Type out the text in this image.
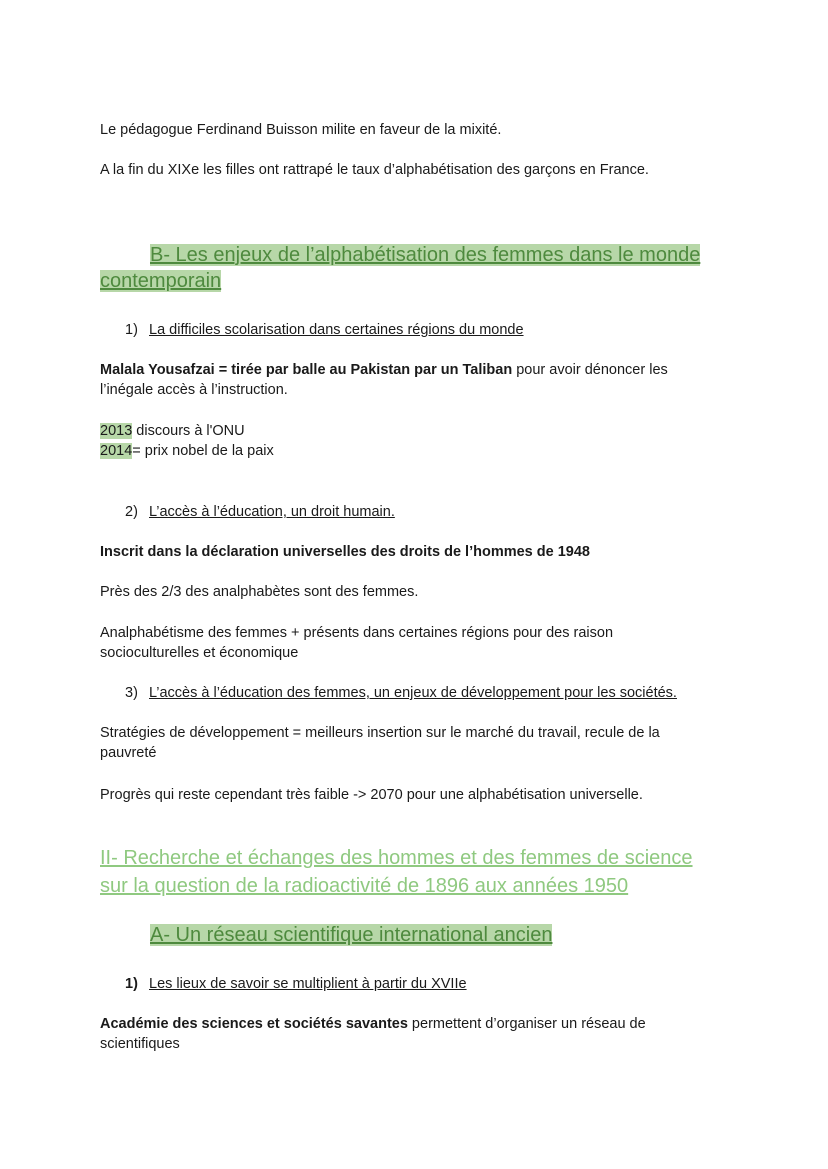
Le pédagogue Ferdinand Buisson milite en faveur de la mixité.
A la fin du XIXe les filles ont rattrapé le taux d’alphabétisation des garçons en France.
B- Les enjeux de l’alphabétisation des femmes dans le monde
contemporain
1) La difficiles scolarisation dans certaines régions du monde
Malala Yousafzai = tirée par balle au Pakistan par un Taliban pour avoir dénoncer les
l’inégale accès à l’instruction.
2013 discours à l'ONU
2014= prix nobel de la paix
2) L’accès à l’éducation, un droit humain.
Inscrit dans la déclaration universelles des droits de l’hommes de 1948
Près des 2/3 des analphabètes sont des femmes.
Analphabétisme des femmes + présents dans certaines régions pour des raison
socioculturelles et économique
3) L’accès à l’éducation des femmes, un enjeux de développement pour les sociétés.
Stratégies de développement = meilleurs insertion sur le marché du travail, recule de la
pauvreté
Progrès qui reste cependant très faible -> 2070 pour une alphabétisation universelle.
II- Recherche et échanges des hommes et des femmes de science
sur la question de la radioactivité de 1896 aux années 1950
A- Un réseau scientifique international ancien
1) Les lieux de savoir se multiplient à partir du XVIIe
Académie des sciences et sociétés savantes permettent d’organiser un réseau de
scientifiques
